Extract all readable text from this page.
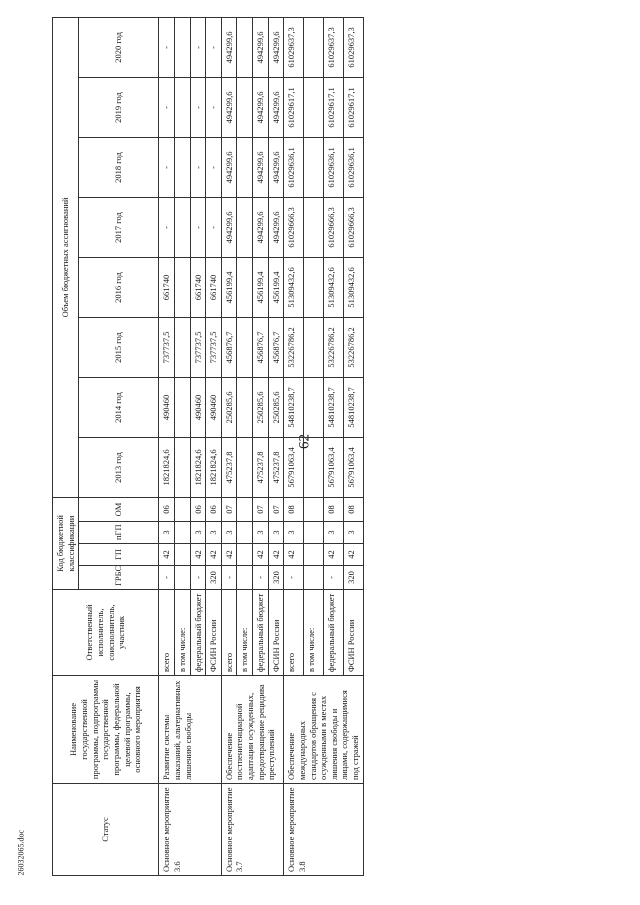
62
Статус	Наименование государственной программы, подпрограммы государственной программы, федеральной целевой программы, основного мероприятия	Ответственный исполнитель, соисполнитель, участник	Код бюджетной классификации				Объем бюджетных ассигнований							
			ГРБС	ГП	пГП	ОМ	2013 год	2014 год	2015 год	2016 год	2017 год	2018 год	2019 год	2020 год
Основное мероприятие 3.6	Развитие системы наказаний, альтернативных лишению свободы	всего	-	42	3	06	1821824,6	490460	737737,5	661740	-	-	-	-
		в том числе:												
		федеральный бюджет	-	42	3	06	1821824,6	490460	737737,5	661740	-	-	-	-
		ФСИН России	320	42	3	06	1821824,6	490460	737737,5	661740	-	-	-	-
Основное мероприятие 3.7	Обеспечение постпенитенциарной адаптации осужденных, предотвращение рецидива преступлений	всего	-	42	3	07	475237,8	250285,6	456876,7	456199,4	494299,6	494299,6	494299,6	494299,6
		в том числе:												
		федеральный бюджет	-	42	3	07	475237,8	250285,6	456876,7	456199,4	494299,6	494299,6	494299,6	494299,6
		ФСИН России	320	42	3	07	475237,8	250285,6	456876,7	456199,4	494299,6	494299,6	494299,6	494299,6
Основное мероприятие 3.8	Обеспечение международных стандартов обращения с осужденными в местах лишения свободы и лицами, содержащимися под стражей	всего	-	42	3	08	56791063,4	54810238,7	53226786,2	51309432,6	61029666,3	61029636,1	61029617,1	61029637,3
		в том числе:												
		федеральный бюджет	-	42	3	08	56791063,4	54810238,7	53226786,2	51309432,6	61029666,3	61029636,1	61029617,1	61029637,3
		ФСИН России	320	42	3	08	56791063,4	54810238,7	53226786,2	51309432,6	61029666,3	61029636,1	61029617,1	61029637,3
26032065.doc
